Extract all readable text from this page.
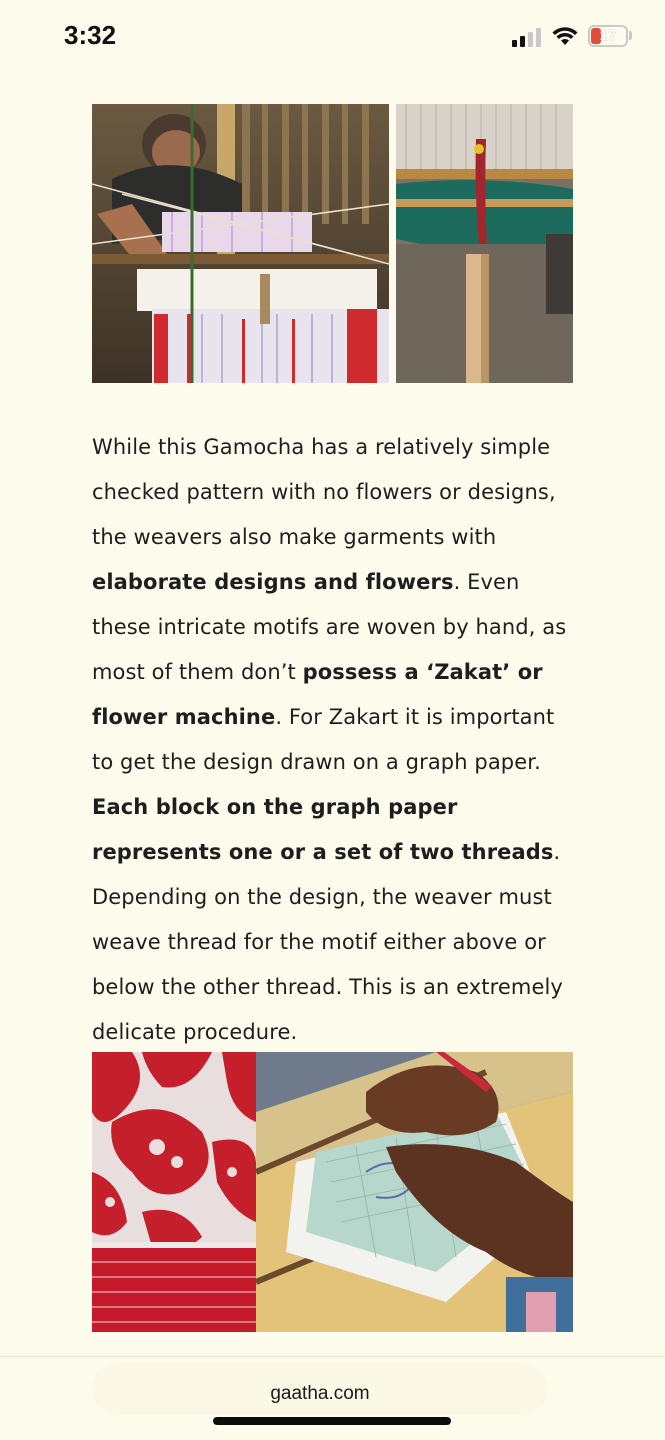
3:32	17
While this Gamocha has a relatively simple checked pattern with no flowers or designs, the weavers also make garments with elaborate designs and flowers. Even these intricate motifs are woven by hand, as most of them don’t possess a ‘Zakat’ or flower machine. For Zakart it is important to get the design drawn on a graph paper. Each block on the graph paper represents one or a set of two threads. Depending on the design, the weaver must weave thread for the motif either above or below the other thread. This is an extremely delicate procedure.
gaatha.com
